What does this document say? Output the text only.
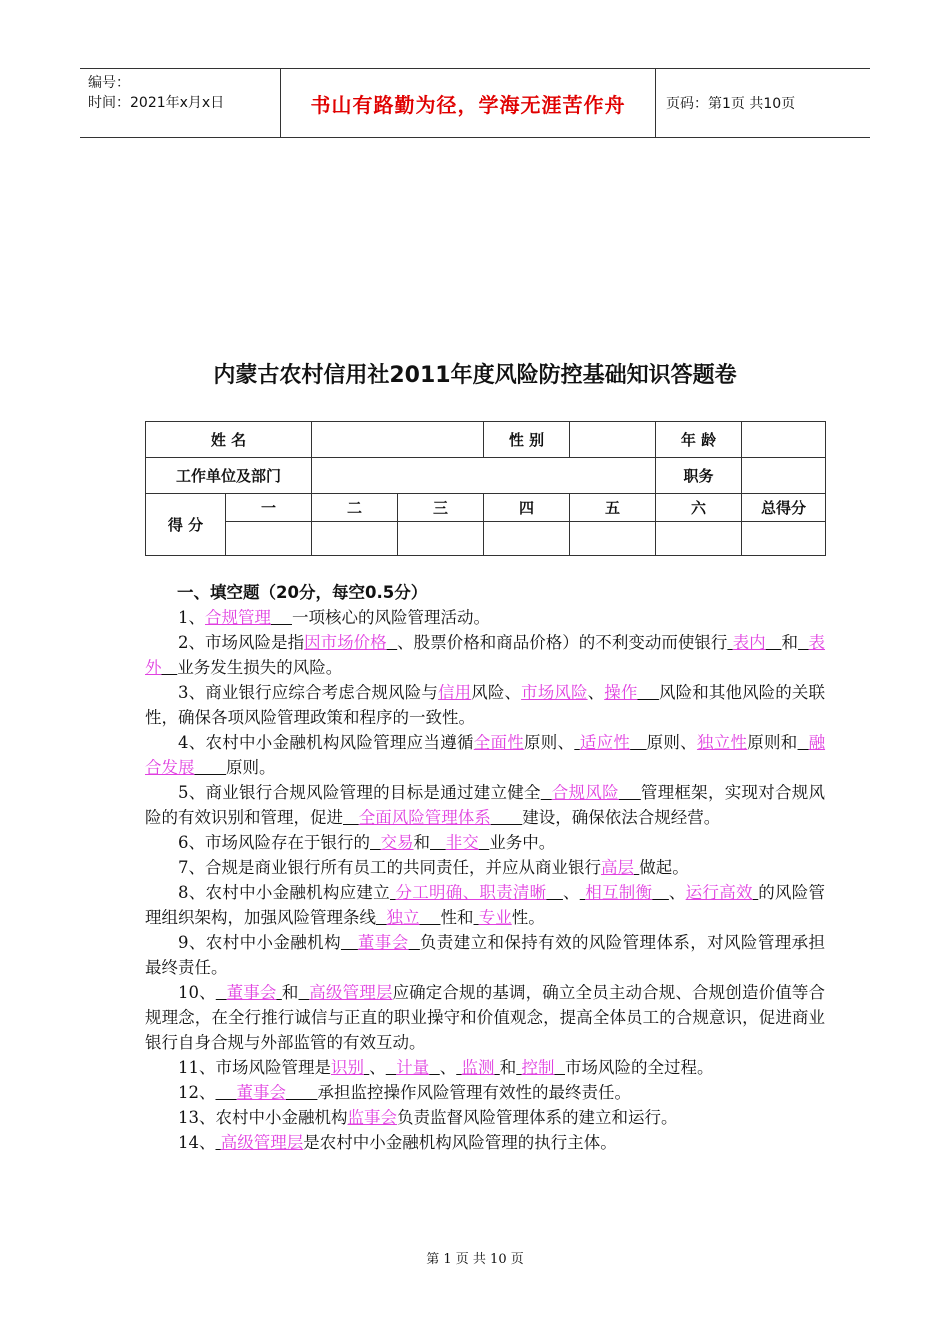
编号：
时间：2021年x月x日	书山有路勤为径，学海无涯苦作舟	页码：第1页 共10页
内蒙古农村信用社2011年度风险防控基础知识答题卷
姓 名				性 别		年 龄	
工作单位及部门						职务	
得 分	一	二	三	四	五	六	总得分

一、填空题（20分，每空0.5分）

1、合规管理 一项核心的风险管理活动。

2、市场风险是指因市场价格 、股票价格和商品价格）的不利变动而使银行 表内 和 表外 业务发生损失的风险。

3、商业银行应综合考虑合规风险与信用风险、市场风险、操作 风险和其他风险的关联性，确保各项风险管理政策和程序的一致性。

4、农村中小金融机构风险管理应当遵循全面性原则、 适应性 原则、独立性原则和 融合发展 原则。

5、商业银行合规风险管理的目标是通过建立健全 合规风险 管理框架，实现对合规风险的有效识别和管理，促进 全面风险管理体系 建设，确保依法合规经营。

6、市场风险存在于银行的 交易和 非交 业务中。

7、合规是商业银行所有员工的共同责任，并应从商业银行高层 做起。

8、农村中小金融机构应建立 分工明确、职责清晰 、 相互制衡 、运行高效 的风险管理组织架构，加强风险管理条线 独立 性和 专业性。

9、农村中小金融机构 董事会 负责建立和保持有效的风险管理体系，对风险管理承担最终责任。

10、 董事会 和 高级管理层应确定合规的基调，确立全员主动合规、合规创造价值等合规理念，在全行推行诚信与正直的职业操守和价值观念，提高全体员工的合规意识，促进商业银行自身合规与外部监管的有效互动。

11、市场风险管理是识别 、 计量 、 监测 和 控制 市场风险的全过程。

12、 董事会 承担监控操作风险管理有效性的最终责任。

13、农村中小金融机构监事会负责监督风险管理体系的建立和运行。

14、 高级管理层是农村中小金融机构风险管理的执行主体。

第 1 页 共 10 页
